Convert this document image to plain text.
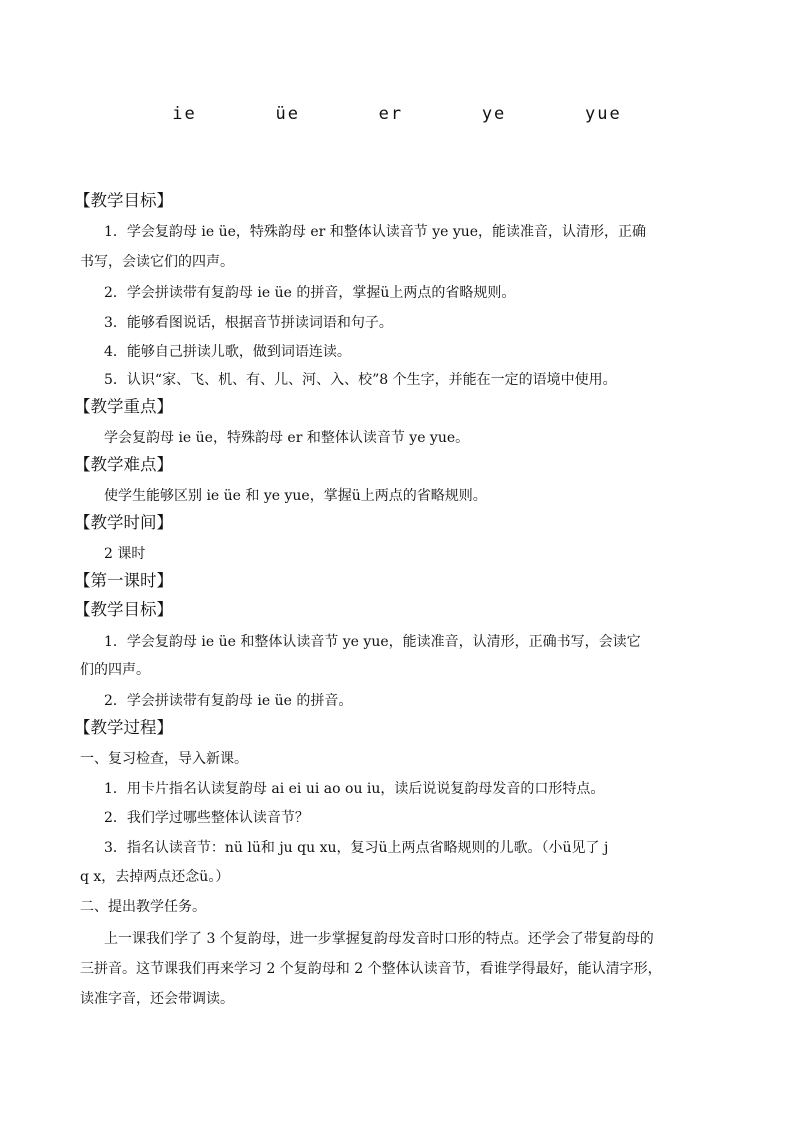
ie   üe   er   ye   yue
【教学目标】
1．学会复韵母 ie üe，特殊韵母 er 和整体认读音节 ye yue，能读准音，认清形，正确
书写，会读它们的四声。
2．学会拼读带有复韵母 ie üe 的拼音，掌握ü上两点的省略规则。
3．能够看图说话，根据音节拼读词语和句子。
4．能够自己拼读儿歌，做到词语连读。
5．认识“家、飞、机、有、儿、河、入、校”8 个生字，并能在一定的语境中使用。
【教学重点】
学会复韵母 ie üe，特殊韵母 er 和整体认读音节 ye yue。
【教学难点】
使学生能够区别 ie üe 和 ye yue，掌握ü上两点的省略规则。
【教学时间】
2 课时
【第一课时】
【教学目标】
1．学会复韵母 ie üe 和整体认读音节 ye yue，能读准音，认清形，正确书写，会读它
们的四声。
2．学会拼读带有复韵母 ie üe 的拼音。
【教学过程】
一、复习检查，导入新课。
1．用卡片指名认读复韵母 ai ei ui ao ou iu，读后说说复韵母发音的口形特点。
2．我们学过哪些整体认读音节？
3．指名认读音节：nü lü和 ju qu xu，复习ü上两点省略规则的儿歌。（小ü见了 j
q x，去掉两点还念ü。）
二、提出教学任务。
上一课我们学了 3 个复韵母，进一步掌握复韵母发音时口形的特点。还学会了带复韵母的
三拼音。这节课我们再来学习 2 个复韵母和 2 个整体认读音节，看谁学得最好，能认清字形，
读准字音，还会带调读。
